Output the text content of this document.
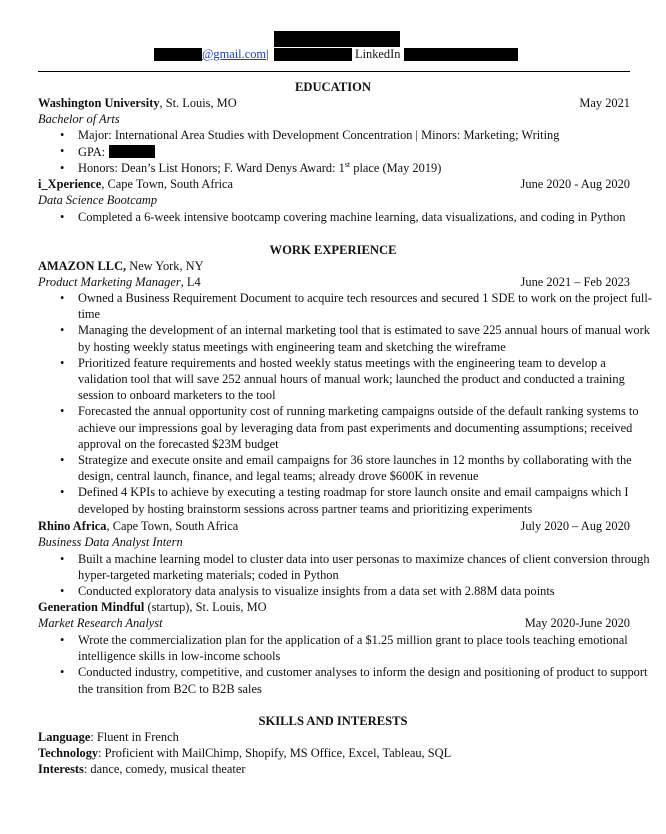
@gmail.com |	LinkedIn
EDUCATION
Washington University, St. Louis, MO	May 2021
Bachelor of Arts
• Major: International Area Studies with Development Concentration | Minors: Marketing; Writing
• GPA:
• Honors: Dean’s List Honors; F. Ward Denys Award: 1st place (May 2019)
i_Xperience, Cape Town, South Africa	June 2020 - Aug 2020
Data Science Bootcamp
• Completed a 6-week intensive bootcamp covering machine learning, data visualizations, and coding in Python
WORK EXPERIENCE
AMAZON LLC, New York, NY
Product Marketing Manager, L4	June 2021 – Feb 2023
• Owned a Business Requirement Document to acquire tech resources and secured 1 SDE to work on the project full-time
• Managing the development of an internal marketing tool that is estimated to save 225 annual hours of manual work by hosting weekly status meetings with engineering team and sketching the wireframe
• Prioritized feature requirements and hosted weekly status meetings with the engineering team to develop a validation tool that will save 252 annual hours of manual work; launched the product and conducted a training session to onboard marketers to the tool
• Forecasted the annual opportunity cost of running marketing campaigns outside of the default ranking systems to achieve our impressions goal by leveraging data from past experiments and documenting assumptions; received approval on the forecasted $23M budget
• Strategize and execute onsite and email campaigns for 36 store launches in 12 months by collaborating with the design, central launch, finance, and legal teams; already drove $600K in revenue
• Defined 4 KPIs to achieve by executing a testing roadmap for store launch onsite and email campaigns which I developed by hosting brainstorm sessions across partner teams and prioritizing experiments
Rhino Africa, Cape Town, South Africa	July 2020 – Aug 2020
Business Data Analyst Intern
• Built a machine learning model to cluster data into user personas to maximize chances of client conversion through hyper-targeted marketing materials; coded in Python
• Conducted exploratory data analysis to visualize insights from a data set with 2.88M data points
Generation Mindful (startup), St. Louis, MO
Market Research Analyst	May 2020-June 2020
• Wrote the commercialization plan for the application of a $1.25 million grant to place tools teaching emotional intelligence skills in low-income schools
• Conducted industry, competitive, and customer analyses to inform the design and positioning of product to support the transition from B2C to B2B sales
SKILLS AND INTERESTS
Language: Fluent in French
Technology: Proficient with MailChimp, Shopify, MS Office, Excel, Tableau, SQL
Interests: dance, comedy, musical theater
